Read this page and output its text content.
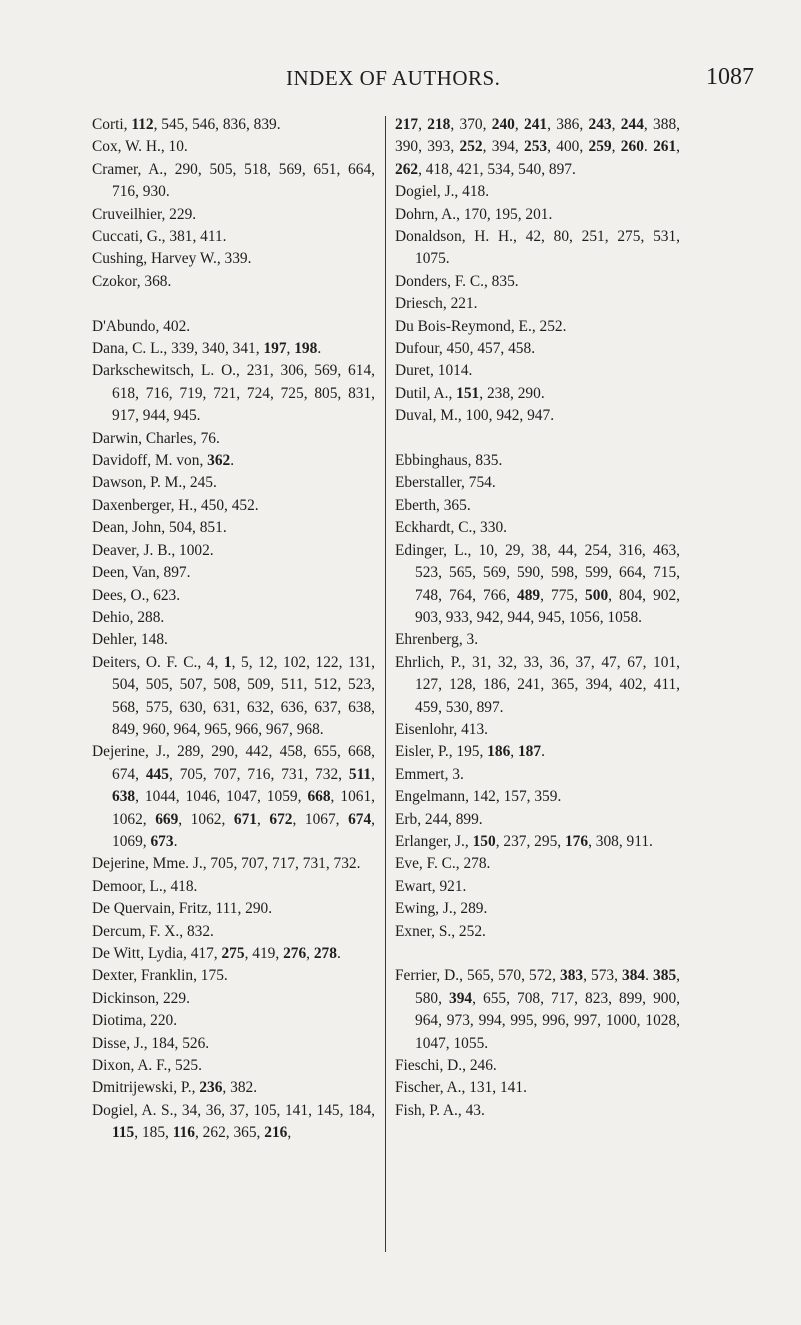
INDEX OF AUTHORS.	1087
Corti, 112, 545, 546, 836, 839.
Cox, W. H., 10.
Cramer, A., 290, 505, 518, 569, 651, 664, 716, 930.
Cruveilhier, 229.
Cuccati, G., 381, 411.
Cushing, Harvey W., 339.
Czokor, 368.
D'Abundo, 402.
Dana, C. L., 339, 340, 341, 197, 198.
Darkschewitsch, L. O., 231, 306, 569, 614, 618, 716, 719, 721, 724, 725, 805, 831, 917, 944, 945.
Darwin, Charles, 76.
Davidoff, M. von, 362.
Dawson, P. M., 245.
Daxenberger, H., 450, 452.
Dean, John, 504, 851.
Deaver, J. B., 1002.
Deen, Van, 897.
Dees, O., 623.
Dehio, 288.
Dehler, 148.
Deiters, O. F. C., 4, 1, 5, 12, 102, 122, 131, 504, 505, 507, 508, 509, 511, 512, 523, 568, 575, 630, 631, 632, 636, 637, 638, 849, 960, 964, 965, 966, 967, 968.
Dejerine, J., 289, 290, 442, 458, 655, 668, 674, 445, 705, 707, 716, 731, 732, 511, 638, 1044, 1046, 1047, 1059, 668, 1061, 1062, 669, 1062, 671, 672, 1067, 674, 1069, 673.
Dejerine, Mme. J., 705, 707, 717, 731, 732.
Demoor, L., 418.
De Quervain, Fritz, 111, 290.
Dercum, F. X., 832.
De Witt, Lydia, 417, 275, 419, 276, 278.
Dexter, Franklin, 175.
Dickinson, 229.
Diotima, 220.
Disse, J., 184, 526.
Dixon, A. F., 525.
Dmitrijewski, P., 236, 382.
Dogiel, A. S., 34, 36, 37, 105, 141, 145, 184, 115, 185, 116, 262, 365, 216,
217, 218, 370, 240, 241, 386, 243, 244, 388, 390, 393, 252, 394, 253, 400, 259, 260. 261, 262, 418, 421, 534, 540, 897.
Dogiel, J., 418.
Dohrn, A., 170, 195, 201.
Donaldson, H. H., 42, 80, 251, 275, 531, 1075.
Donders, F. C., 835.
Driesch, 221.
Du Bois-Reymond, E., 252.
Dufour, 450, 457, 458.
Duret, 1014.
Dutil, A., 151, 238, 290.
Duval, M., 100, 942, 947.
Ebbinghaus, 835.
Eberstaller, 754.
Eberth, 365.
Eckhardt, C., 330.
Edinger, L., 10, 29, 38, 44, 254, 316, 463, 523, 565, 569, 590, 598, 599, 664, 715, 748, 764, 766, 489, 775, 500, 804, 902, 903, 933, 942, 944, 945, 1056, 1058.
Ehrenberg, 3.
Ehrlich, P., 31, 32, 33, 36, 37, 47, 67, 101, 127, 128, 186, 241, 365, 394, 402, 411, 459, 530, 897.
Eisenlohr, 413.
Eisler, P., 195, 186, 187.
Emmert, 3.
Engelmann, 142, 157, 359.
Erb, 244, 899.
Erlanger, J., 150, 237, 295, 176, 308, 911.
Eve, F. C., 278.
Ewart, 921.
Ewing, J., 289.
Exner, S., 252.
Ferrier, D., 565, 570, 572, 383, 573, 384. 385, 580, 394, 655, 708, 717, 823, 899, 900, 964, 973, 994, 995, 996, 997, 1000, 1028, 1047, 1055.
Fieschi, D., 246.
Fischer, A., 131, 141.
Fish, P. A., 43.
